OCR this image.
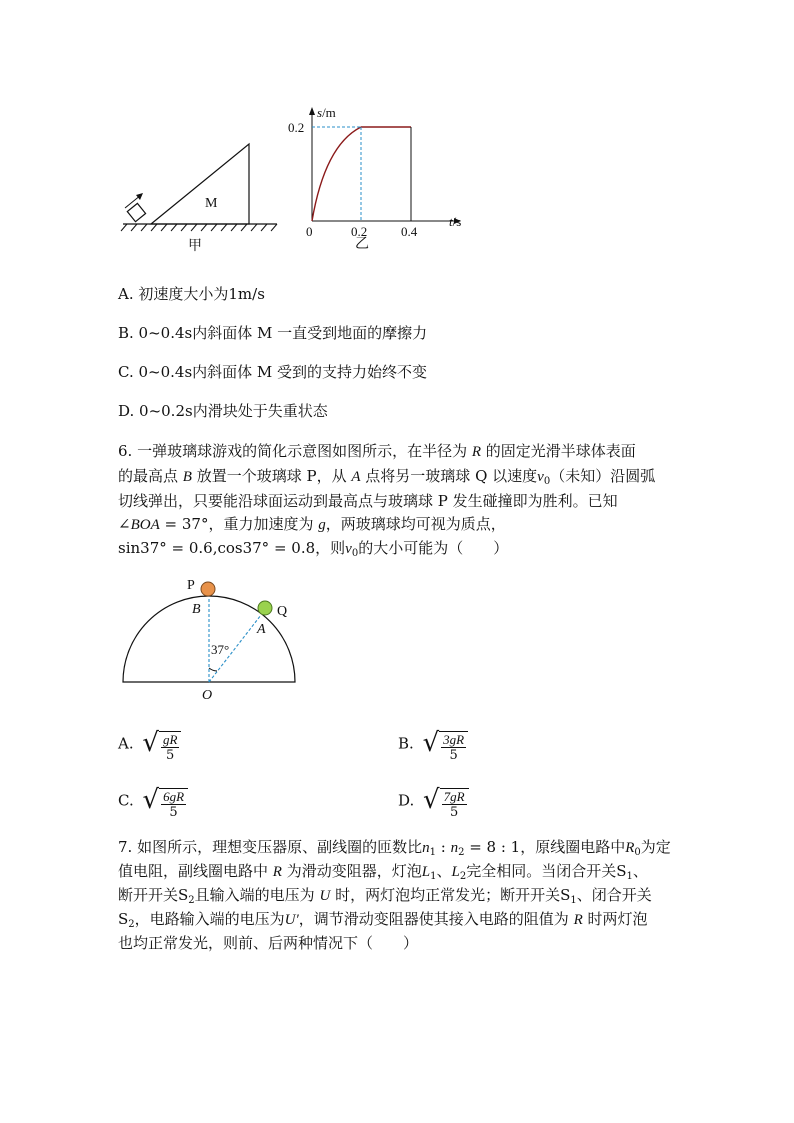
M
甲
s/m
t/s
0.2
0	0.2	0.4
乙
A. 初速度大小为1m/s
B. 0~0.4s内斜面体 M 一直受到地面的摩擦力
C. 0~0.4s内斜面体 M 受到的支持力始终不变
D. 0~0.2s内滑块处于失重状态
6. 一弹玻璃球游戏的简化示意图如图所示，在半径为 R 的固定光滑半球体表面
的最高点 B 放置一个玻璃球 P，从 A 点将另一玻璃球 Q 以速度$v_0$（未知）沿圆弧
切线弹出，只要能沿球面运动到最高点与玻璃球 P 发生碰撞即为胜利。已知
∠BOA = 37°，重力加速度为 g，两玻璃球均可视为质点，
sin37° = 0.6,cos37° = 0.8，则$v_0$的大小可能为（　　）
P
Q
B
A
O
37°
A. √ $\frac{gR}{5}$	B. √ $\frac{3gR}{5}$
C. √ $\frac{6gR}{5}$	D. √ $\frac{7gR}{5}$
7. 如图所示，理想变压器原、副线圈的匝数比$n_1$ : $n_2 = 8$ : 1，原线圈电路中$R_0$为定
值电阻，副线圈电路中 R 为滑动变阻器，灯泡$L_1$、$L_2$完全相同。当闭合开关$S_1$、
断开开关$S_2$且输入端的电压为 U 时，两灯泡均正常发光；断开开关$S_1$、闭合开关
$S_2$，电路输入端的电压为U′，调节滑动变阻器使其接入电路的阻值为 R 时两灯泡
也均正常发光，则前、后两种情况下（　　）
